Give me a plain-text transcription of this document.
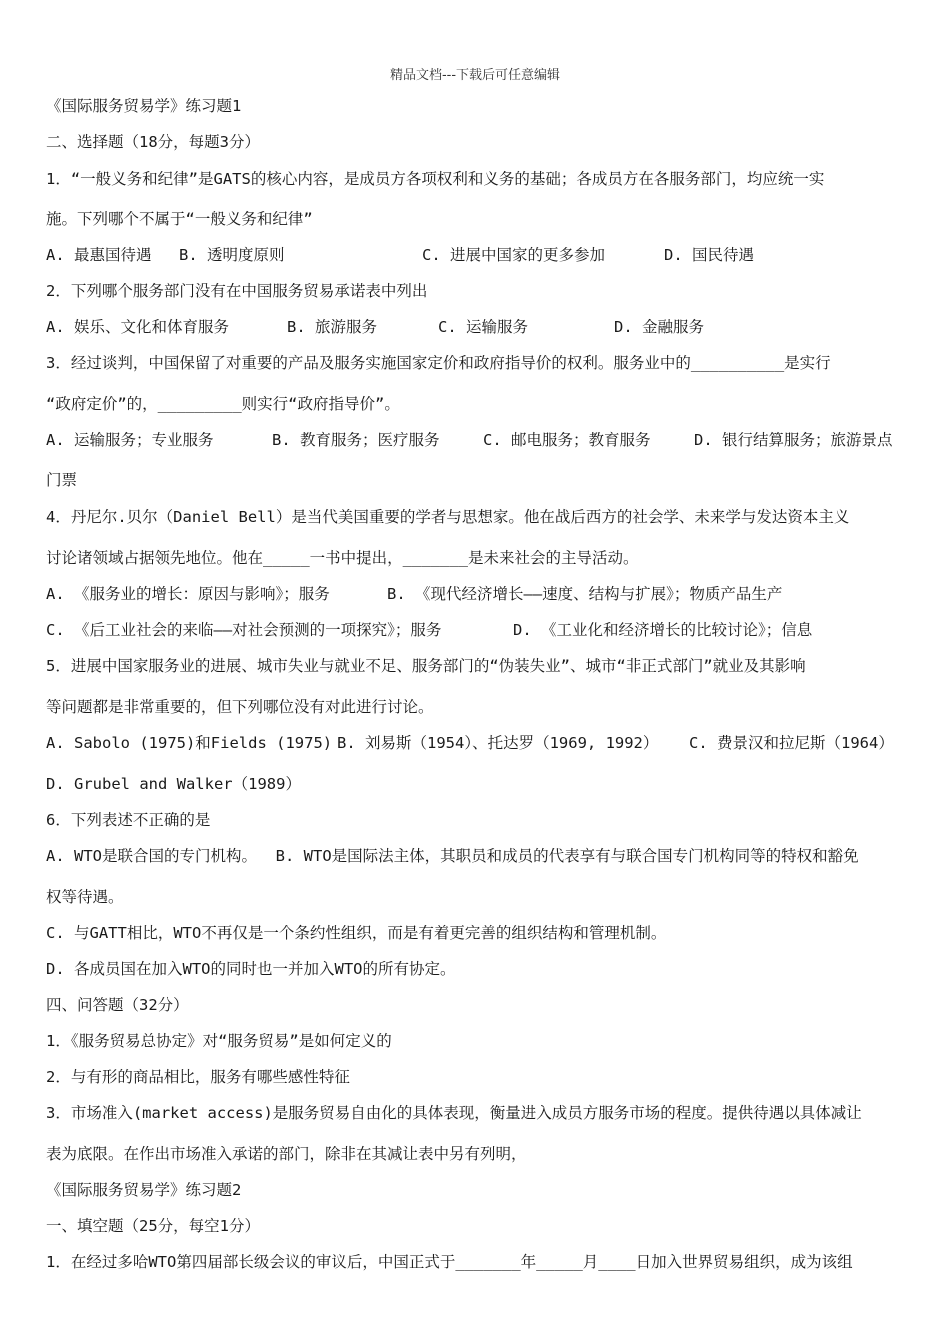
精品文档---下载后可任意编辑
《国际服务贸易学》练习题1
二、选择题（18分，每题3分）
1．“一般义务和纪律”是GATS的核心内容，是成员方各项权利和义务的基础；各成员方在各服务部门，均应统一实
施。下列哪个不属于“一般义务和纪律”

A. 最惠国待遇

B. 透明度原则

	C. 进展中国家的更多参加

	D. 国民待遇

2．下列哪个服务部门没有在中国服务贸易承诺表中列出

A. 娱乐、文化和体育服务

	B. 旅游服务

	C. 运输服务

	D. 金融服务

3．经过谈判，中国保留了对重要的产品及服务实施国家定价和政府指导价的权利。服务业中的__________是实行
“政府定价”的，_________则实行“政府指导价”。

A. 运输服务；专业服务

	B. 教育服务；医疗服务

	C. 邮电服务；教育服务

	D. 银行结算服务；旅游景点

门票
4．丹尼尔.贝尔（Daniel Bell）是当代美国重要的学者与思想家。他在战后西方的社会学、未来学与发达资本主义
讨论诸领域占据领先地位。他在_____一书中提出，_______是未来社会的主导活动。

A. 《服务业的增长：原因与影响》；服务

	B. 《现代经济增长——速度、结构与扩展》；物质产品生产

C. 《后工业社会的来临——对社会预测的一项探究》；服务

	D. 《工业化和经济增长的比较讨论》；信息

5．进展中国家服务业的进展、城市失业与就业不足、服务部门的“伪装失业”、城市“非正式部门”就业及其影响
等问题都是非常重要的，但下列哪位没有对此进行讨论。

A. Sabolo (1975)和Fields (1975)

B. 刘易斯（1954）、托达罗（1969, 1992）

C. 费景汉和拉尼斯（1964）

D. Grubel and Walker（1989）
6．下列表述不正确的是
A. WTO是联合国的专门机构。  B. WTO是国际法主体，其职员和成员的代表享有与联合国专门机构同等的特权和豁免
权等待遇。
C. 与GATT相比，WTO不再仅是一个条约性组织，而是有着更完善的组织结构和管理机制。
D. 各成员国在加入WTO的同时也一并加入WTO的所有协定。
四、问答题（32分）
1．《服务贸易总协定》对“服务贸易”是如何定义的
2．与有形的商品相比，服务有哪些感性特征
3．市场准入(market access)是服务贸易自由化的具体表现，衡量进入成员方服务市场的程度。提供待遇以具体减让
表为底限。在作出市场准入承诺的部门，除非在其减让表中另有列明，
《国际服务贸易学》练习题2
一、填空题（25分，每空1分）
1．在经过多哈WTO第四届部长级会议的审议后，中国正式于_______年_____月____日加入世界贸易组织，成为该组
